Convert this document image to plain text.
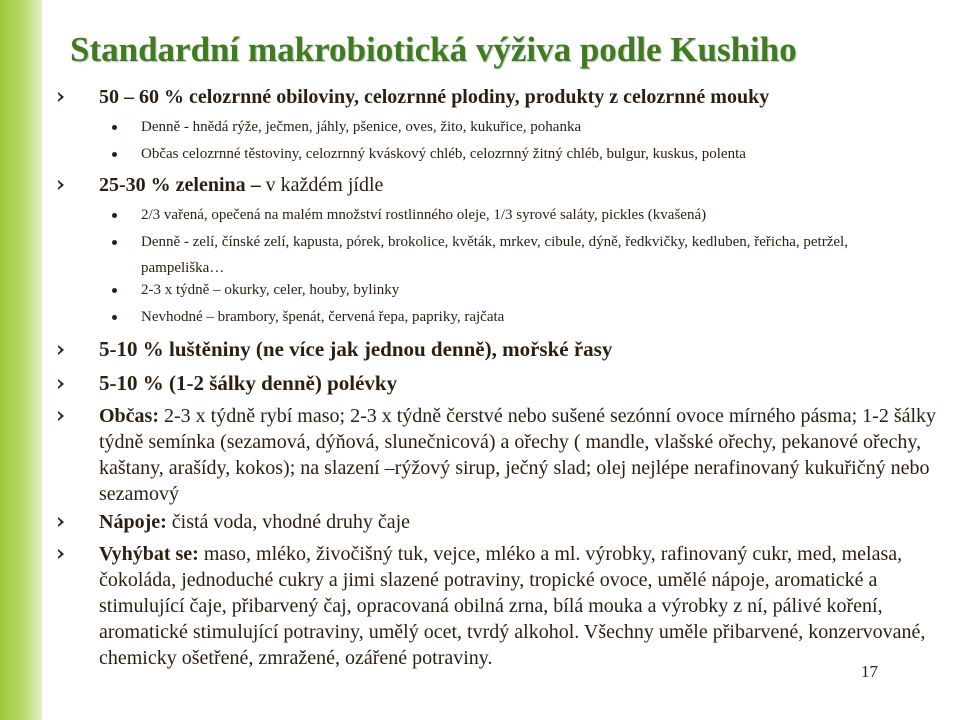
Standardní makrobiotická výživa podle Kushiho
50 – 60 % celozrnné obiloviny, celozrnné plodiny, produkty z celozrnné mouky
Denně - hnědá rýže, ječmen, jáhly, pšenice, oves, žito, kukuřice, pohanka
Občas celozrnné těstoviny, celozrnný kváskový chléb, celozrnný žitný chléb, bulgur, kuskus, polenta
25-30 % zelenina – v každém jídle
2/3 vařená, opečená na malém množství rostlinného oleje, 1/3 syrové saláty, pickles (kvašená)
Denně - zelí, čínské zelí, kapusta, pórek, brokolice, květák, mrkev, cibule, dýně, ředkvičky, kedluben, řeřicha, petržel, pampeliška…
2-3 x týdně – okurky, celer, houby, bylinky
Nevhodné – brambory, špenát, červená řepa, papriky, rajčata
5-10 % luštěniny (ne více jak jednou denně), mořské řasy
5-10 % (1-2 šálky denně) polévky
Občas: 2-3 x týdně rybí maso; 2-3 x týdně čerstvé nebo sušené sezónní ovoce mírného pásma; 1-2 šálky týdně semínka (sezamová, dýňová, slunečnicová) a ořechy ( mandle, vlašské ořechy, pekanové ořechy, kaštany, arašídy, kokos); na slazení –rýžový sirup, ječný slad; olej nejlépe nerafinovaný kukuřičný nebo sezamový
Nápoje: čistá voda, vhodné druhy čaje
Vyhýbat se: maso, mléko, živočišný tuk, vejce, mléko a ml. výrobky, rafinovaný cukr, med, melasa, čokoláda, jednoduché cukry a jimi slazené potraviny, tropické ovoce, umělé nápoje, aromatické a stimulující čaje, přibarvený čaj, opracovaná obilná zrna, bílá mouka a výrobky z ní, pálivé koření, aromatické stimulující potraviny, umělý ocet, tvrdý alkohol. Všechny uměle přibarvené, konzervované, chemicky ošetřené, zmražené, ozářené potraviny.
17
